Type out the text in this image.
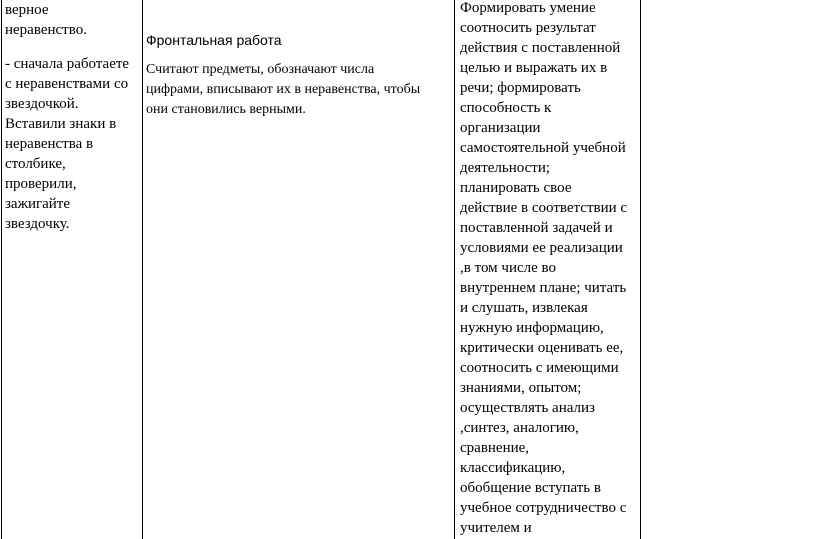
верное
неравенство.
- сначала работаете
с неравенствами со
звездочкой.
Вставили знаки в
неравенства в
столбике,
проверили,
зажигайте
звездочку.
Фронтальная работа
Считают предметы, обозначают числа
цифрами, вписывают их в неравенства, чтобы
они становились верными.
Формировать умение
соотносить результат
действия с поставленной
целью и выражать их в
речи; формировать
способность к
организации
самостоятельной учебной
деятельности;
планировать свое
действие в соответствии с
поставленной задачей и
условиями ее реализации
,в том числе во
внутреннем плане; читать
и слушать, извлекая
нужную информацию,
критически оценивать ее,
соотносить с имеющими
знаниями, опытом;
осуществлять анализ
,синтез, аналогию,
сравнение,
классификацию,
обобщение вступать в
учебное сотрудничество с
учителем и
